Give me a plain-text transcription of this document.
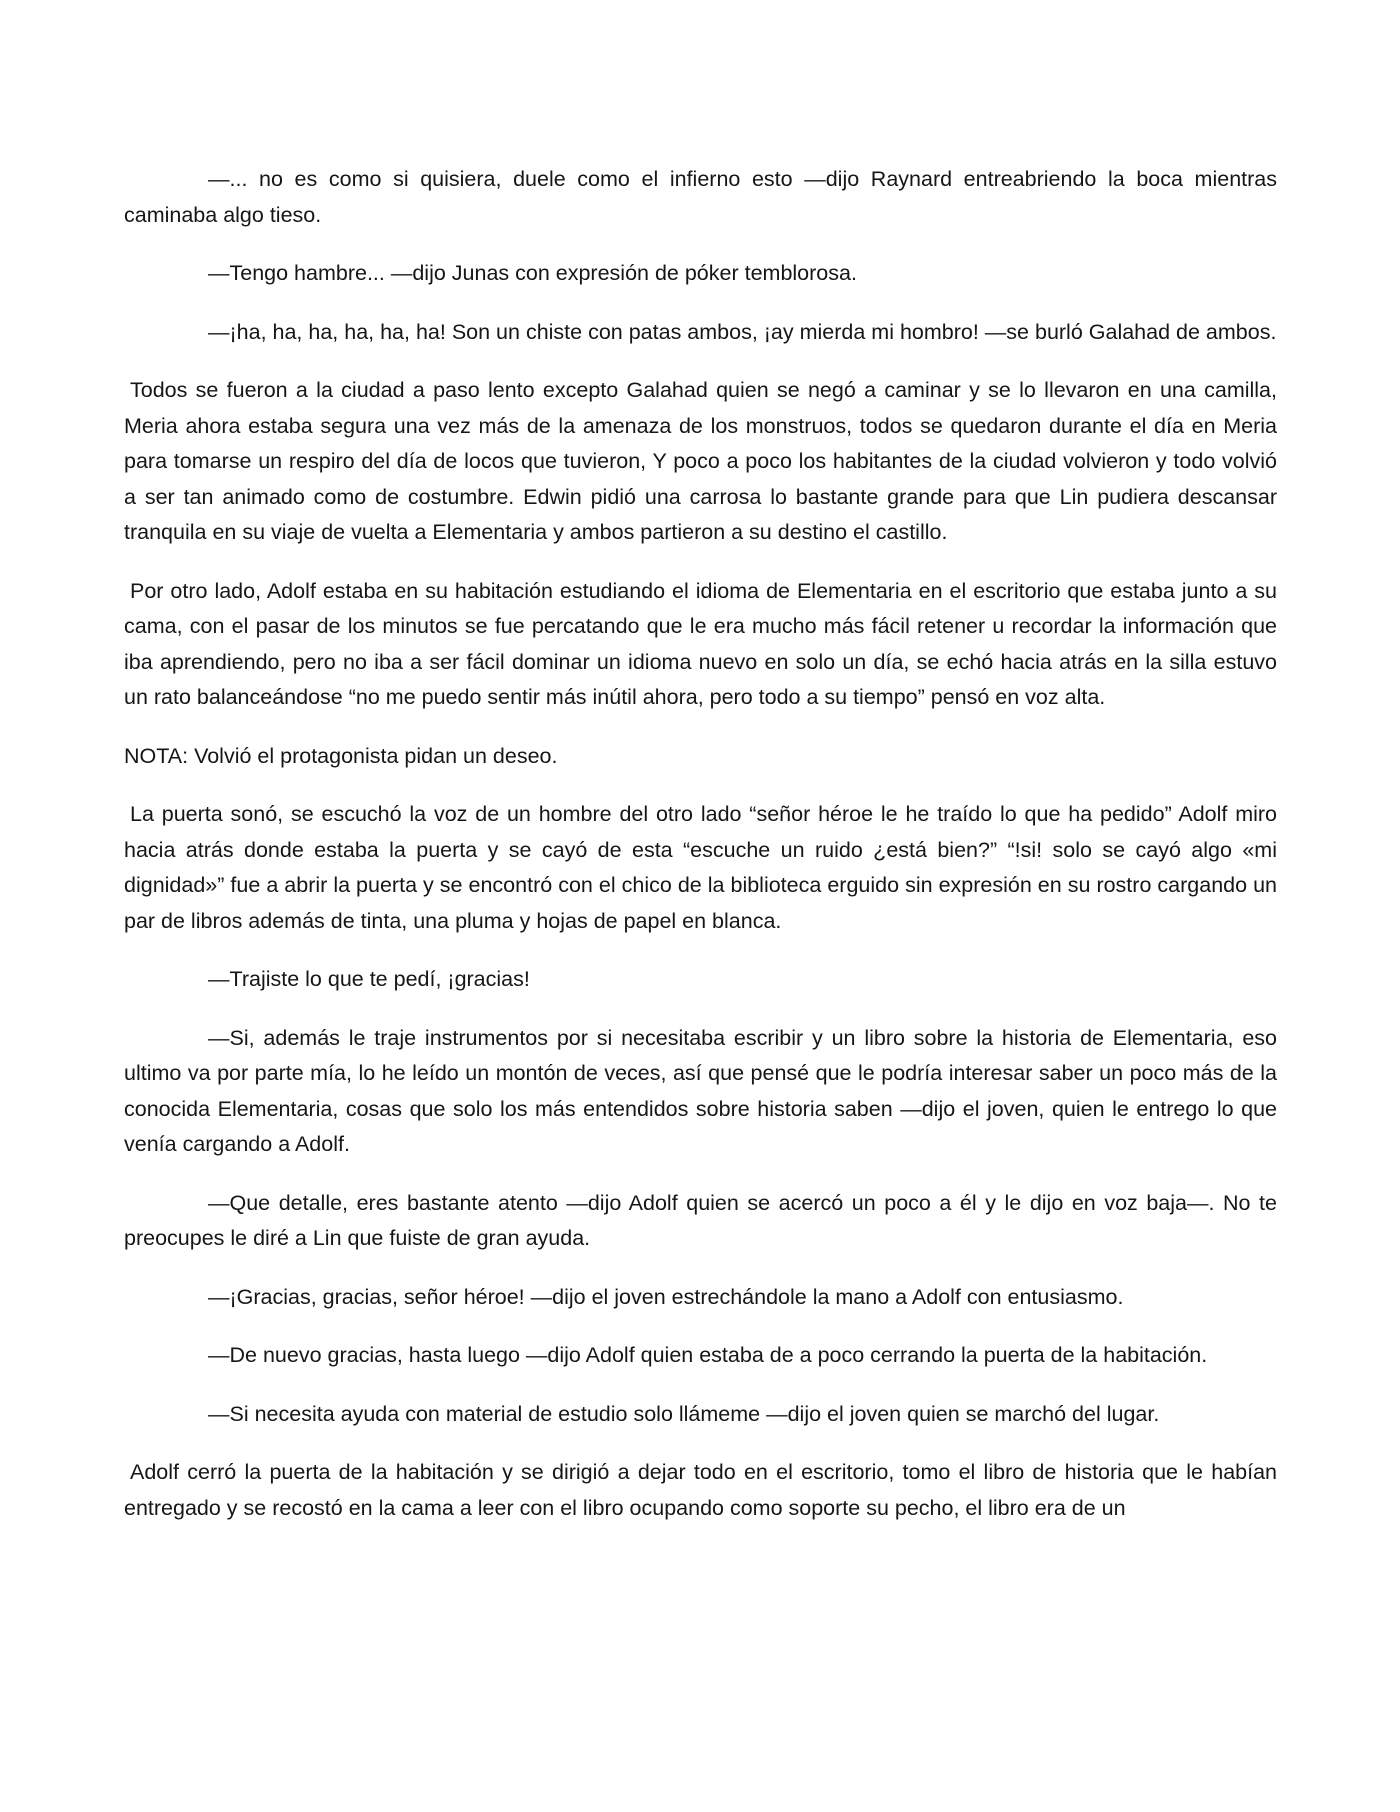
—... no es como si quisiera, duele como el infierno esto —dijo Raynard entreabriendo la boca mientras caminaba algo tieso.

—Tengo hambre... —dijo Junas con expresión de póker temblorosa.

—¡ha, ha, ha, ha, ha, ha! Son un chiste con patas ambos, ¡ay mierda mi hombro! —se burló Galahad de ambos.

Todos se fueron a la ciudad a paso lento excepto Galahad quien se negó a caminar y se lo llevaron en una camilla, Meria ahora estaba segura una vez más de la amenaza de los monstruos, todos se quedaron durante el día en Meria para tomarse un respiro del día de locos que tuvieron, Y poco a poco los habitantes de la ciudad volvieron y todo volvió a ser tan animado como de costumbre. Edwin pidió una carrosa lo bastante grande para que Lin pudiera descansar tranquila en su viaje de vuelta a Elementaria y ambos partieron a su destino el castillo.

Por otro lado, Adolf estaba en su habitación estudiando el idioma de Elementaria en el escritorio que estaba junto a su cama, con el pasar de los minutos se fue percatando que le era mucho más fácil retener u recordar la información que iba aprendiendo, pero no iba a ser fácil dominar un idioma nuevo en solo un día, se echó hacia atrás en la silla estuvo un rato balanceándose “no me puedo sentir más inútil ahora, pero todo a su tiempo” pensó en voz alta.

NOTA: Volvió el protagonista pidan un deseo.

La puerta sonó, se escuchó la voz de un hombre del otro lado “señor héroe le he traído lo que ha pedido” Adolf miro hacia atrás donde estaba la puerta y se cayó de esta “escuche un ruido ¿está bien?” “!si! solo se cayó algo «mi dignidad»” fue a abrir la puerta y se encontró con el chico de la biblioteca erguido sin expresión en su rostro cargando un par de libros además de tinta, una pluma y hojas de papel en blanca.

—Trajiste lo que te pedí, ¡gracias!

—Si, además le traje instrumentos por si necesitaba escribir y un libro sobre la historia de Elementaria, eso ultimo va por parte mía, lo he leído un montón de veces, así que pensé que le podría interesar saber un poco más de la conocida Elementaria, cosas que solo los más entendidos sobre historia saben —dijo el joven, quien le entrego lo que venía cargando a Adolf.

—Que detalle, eres bastante atento —dijo Adolf quien se acercó un poco a él y le dijo en voz baja—. No te preocupes le diré a Lin que fuiste de gran ayuda.

—¡Gracias, gracias, señor héroe! —dijo el joven estrechándole la mano a Adolf con entusiasmo.

—De nuevo gracias, hasta luego —dijo Adolf quien estaba de a poco cerrando la puerta de la habitación.

—Si necesita ayuda con material de estudio solo llámeme —dijo el joven quien se marchó del lugar.

Adolf cerró la puerta de la habitación y se dirigió a dejar todo en el escritorio, tomo el libro de historia que le habían entregado y se recostó en la cama a leer con el libro ocupando como soporte su pecho, el libro era de un
